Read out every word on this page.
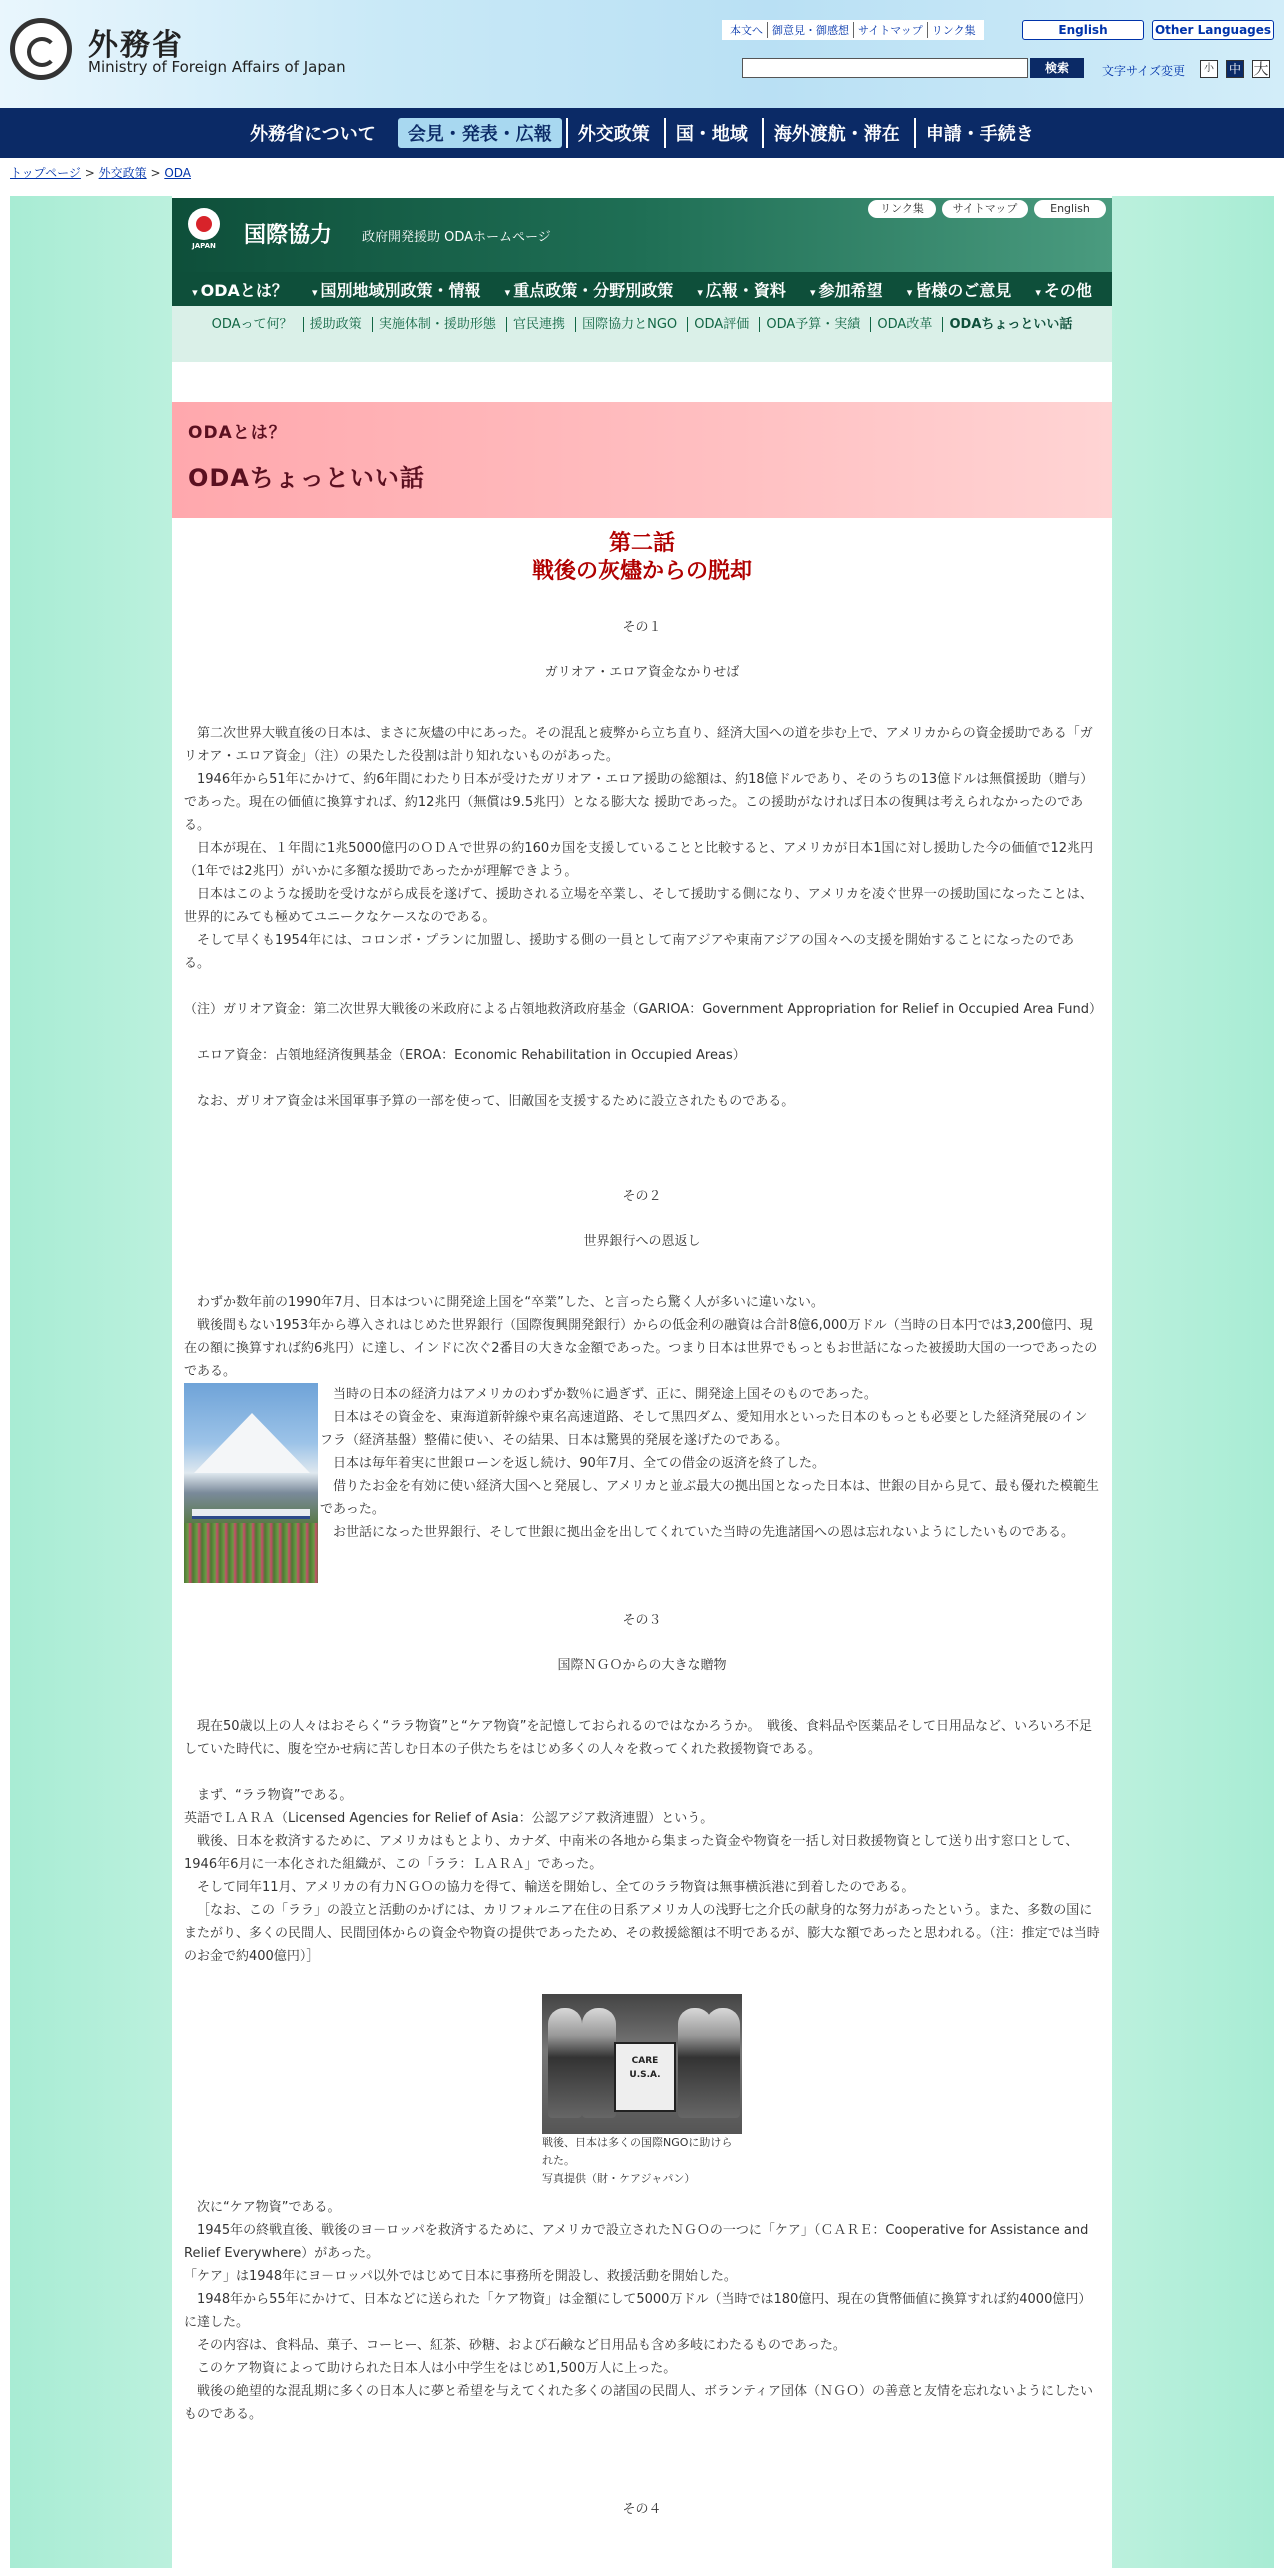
外務省
Ministry of Foreign Affairs of Japan
本文へ 御意見・御感想 サイトマップ リンク集	English	Other Languages
検索	文字サイズ変更	小	中 大
外務省について	会見・発表・広報	外交政策	国・地域	海外渡航・滞在	申請・手続き
トップページ > 外交政策 > ODA
JAPAN	国際協力 政府開発援助 ODAホームページ
リンク集	サイトマップ	English
▾ ODAとは？	▾ 国別地域別政策・情報	▾ 重点政策・分野別政策	▾ 広報・資料	▾ 参加希望	▾ 皆様のご意見	▾ その他
ODAって何？ 援助政策 実施体制・援助形態 官民連携 国際協力とNGO ODA評価 ODA予算・実績 ODA改革 ODAちょっといい話
ODAとは？
ODAちょっといい話
第二話
戦後の灰燼からの脱却
その１
ガリオア・エロア資金なかりせば

第二次世界大戦直後の日本は、まさに灰燼の中にあった。その混乱と疲弊から立ち直り、経済大国への道を歩む上で、アメリカからの資金援助である「ガリオア・エロア資金」（注）の果たした役割は計り知れないものがあった。

1946年から51年にかけて、約6年間にわたり日本が受けたガリオア・エロア援助の総額は、約18億ドルであり、そのうちの13億ドルは無償援助（贈与）であった。現在の価値に換算すれば、約12兆円（無償は9.5兆円）となる膨大な 援助であった。この援助がなければ日本の復興は考えられなかったのである。

日本が現在、１年間に1兆5000億円のＯＤＡで世界の約160カ国を支援していることと比較すると、アメリカが日本1国に対し援助した今の価値で12兆円（1年では2兆円）がいかに多額な援助であったかが理解できよう。

日本はこのような援助を受けながら成長を遂げて、援助される立場を卒業し、そして援助する側になり、アメリカを凌ぐ世界一の援助国になったことは、世界的にみても極めてユニークなケースなのである。

そして早くも1954年には、コロンボ・プランに加盟し、援助する側の一員として南アジアや東南アジアの国々への支援を開始することになったのである。

（注）ガリオア資金：第二次世界大戦後の米政府による占領地救済政府基金（GARIOA：Government Appropriation for Relief in Occupied Area Fund）
エロア資金：占領地経済復興基金（EROA：Economic Rehabilitation in Occupied Areas）
なお、ガリオア資金は米国軍事予算の一部を使って、旧敵国を支援するために設立されたものである。
その２
世界銀行への恩返し

わずか数年前の1990年7月、日本はついに開発途上国を“卒業”した、と言ったら驚く人が多いに違いない。

戦後間もない1953年から導入されはじめた世界銀行（国際復興開発銀行）からの低金利の融資は合計8億6,000万ドル（当時の日本円では3,200億円、現在の額に換算すれば約6兆円）に達し、インドに次ぐ2番目の大きな金額であった。つまり日本は世界でもっともお世話になった被援助大国の一つであったのである。

当時の日本の経済力はアメリカのわずか数％に過ぎず、正に、開発途上国そのものであった。

日本はその資金を、東海道新幹線や東名高速道路、そして黒四ダム、愛知用水といった日本のもっとも必要とした経済発展のインフラ（経済基盤）整備に使い、その結果、日本は驚異的発展を遂げたのである。

日本は毎年着実に世銀ローンを返し続け、90年7月、全ての借金の返済を終了した。

借りたお金を有効に使い経済大国へと発展し、アメリカと並ぶ最大の拠出国となった日本は、世銀の目から見て、最も優れた模範生であった。

お世話になった世界銀行、そして世銀に拠出金を出してくれていた当時の先進諸国への恩は忘れないようにしたいものである。

その３
国際ＮＧＯからの大きな贈物

現在50歳以上の人々はおそらく“ララ物資”と“ケア物資”を記憶しておられるのではなかろうか。　戦後、食料品や医薬品そして日用品など、いろいろ不足していた時代に、腹を空かせ病に苦しむ日本の子供たちをはじめ多くの人々を救ってくれた救援物資である。

まず、“ララ物資”である。

英語でＬＡＲＡ（Licensed Agencies for Relief of Asia：公認アジア救済連盟）という。

戦後、日本を救済するために、アメリカはもとより、カナダ、中南米の各地から集まった資金や物資を一括し対日救援物資として送り出す窓口として、1946年6月に一本化された組織が、この「ララ：ＬＡＲＡ」であった。

そして同年11月、アメリカの有力ＮＧＯの協力を得て、輸送を開始し、全てのララ物資は無事横浜港に到着したのである。

［なお、この「ララ」の設立と活動のかげには、カリフォルニア在住の日系アメリカ人の浅野七之介氏の献身的な努力があったという。また、多数の国にまたがり、多くの民間人、民間団体からの資金や物資の提供であったため、その救援総額は不明であるが、膨大な額であったと思われる。（注：推定では当時のお金で約400億円）］

CARE U.S.A.
戦後、日本は多くの国際NGOに助けられた。
写真提供（財・ケアジャパン）

次に“ケア物資”である。

1945年の終戦直後、戦後のヨ－ロッパを救済するために、アメリカで設立されたＮＧＯの一つに「ケア」（ＣＡＲＥ：Cooperative for Assistance and Relief Everywhere）があった。

「ケア」は1948年にヨ－ロッパ以外ではじめて日本に事務所を開設し、救援活動を開始した。

1948年から55年にかけて、日本などに送られた「ケア物資」は金額にして5000万ドル（当時では180億円、現在の貨幣価値に換算すれば約4000億円）に達した。

その内容は、食料品、菓子、コーヒー、紅茶、砂糖、および石鹸など日用品も含め多岐にわたるものであった。

このケア物資によって助けられた日本人は小中学生をはじめ1,500万人に上った。

戦後の絶望的な混乱期に多くの日本人に夢と希望を与えてくれた多くの諸国の民間人、ボランティア団体（ＮＧＯ）の善意と友情を忘れないようにしたいものである。

その４
